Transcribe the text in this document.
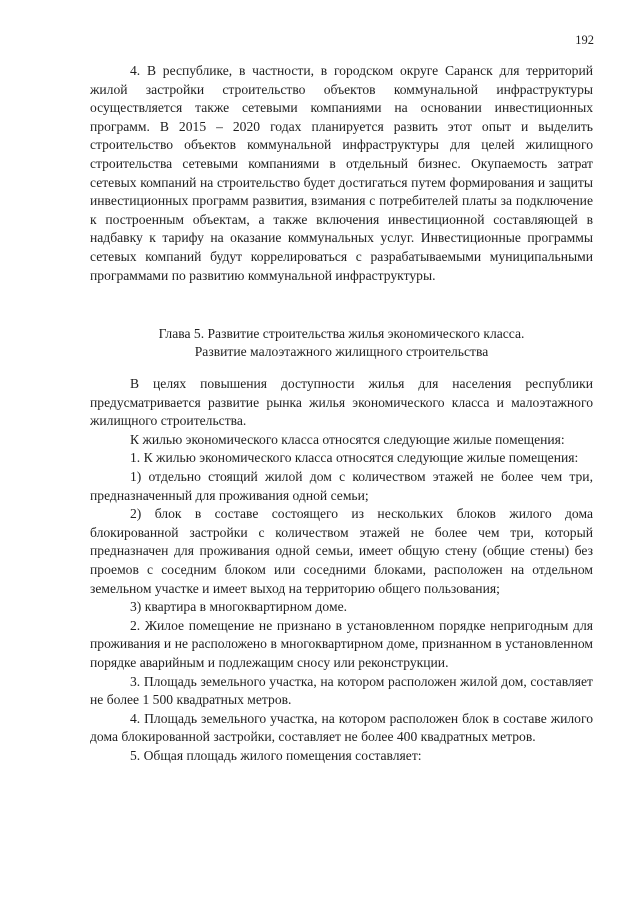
192

4. В республике, в частности, в городском округе Саранск для территорий жилой застройки строительство объектов коммунальной инфраструктуры осуществляется также сетевыми компаниями на основании инвестиционных программ. В 2015 – 2020 годах планируется развить этот опыт и выделить строительство объектов коммунальной инфраструктуры для целей жилищного строительства сетевыми компаниями в отдельный бизнес. Окупаемость затрат сетевых компаний на строительство будет достигаться путем формирования и защиты инвестиционных программ развития, взимания с потребителей платы за подключение к построенным объектам, а также включения инвестиционной составляющей в надбавку к тарифу на оказание коммунальных услуг. Инвестиционные программы сетевых компаний будут коррелироваться с разрабатываемыми муниципальными программами по развитию коммунальной инфраструктуры.

Глава 5. Развитие строительства жилья экономического класса.
Развитие малоэтажного жилищного строительства

В целях повышения доступности жилья для населения республики предусматривается развитие рынка жилья экономического класса и малоэтажного жилищного строительства.

К жилью экономического класса относятся следующие жилые помещения:

1. К жилью экономического класса относятся следующие жилые помещения:

1) отдельно стоящий жилой дом с количеством этажей не более чем три, предназначенный для проживания одной семьи;

2) блок в составе состоящего из нескольких блоков жилого дома блокированной застройки с количеством этажей не более чем три, который предназначен для проживания одной семьи, имеет общую стену (общие стены) без проемов с соседним блоком или соседними блоками, расположен на отдельном земельном участке и имеет выход на территорию общего пользования;

3) квартира в многоквартирном доме.

2. Жилое помещение не признано в установленном порядке непригодным для проживания и не расположено в многоквартирном доме, признанном в установленном порядке аварийным и подлежащим сносу или реконструкции.

3. Площадь земельного участка, на котором расположен жилой дом, составляет не более 1 500 квадратных метров.

4. Площадь земельного участка, на котором расположен блок в составе жилого дома блокированной застройки, составляет не более 400 квадратных метров.

5. Общая площадь жилого помещения составляет:
